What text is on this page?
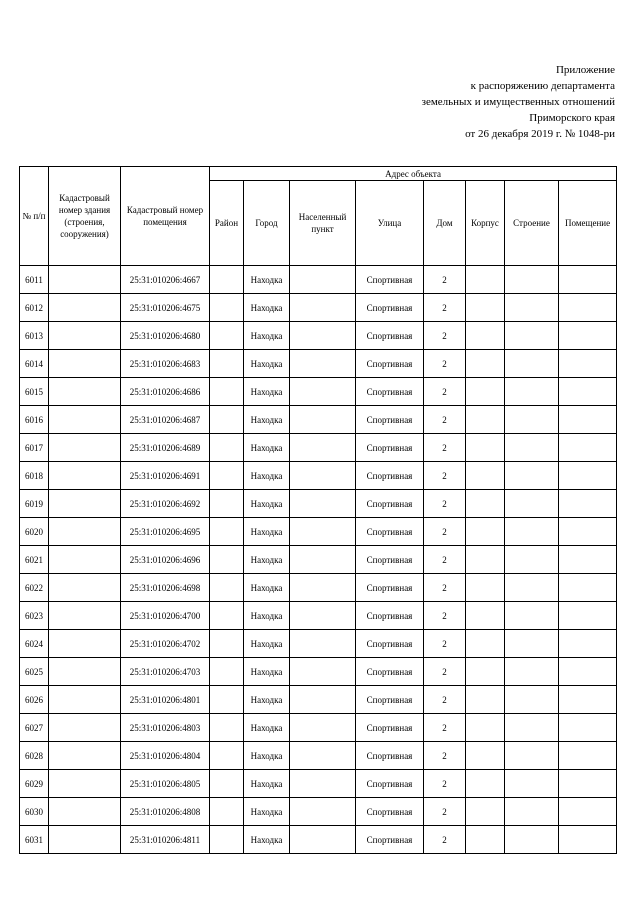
Приложение
к распоряжению департамента
земельных и имущественных отношений
Приморского края
от 26 декабря 2019 г. № 1048-ри
№ п/п	Кадастровый номер здания (строения, сооружения)	Кадастровый номер помещения	Адрес объекта							
			Район	Город	Населенный пункт	Улица	Дом	Корпус	Строение	Помещение
6011		25:31:010206:4667		Находка		Спортивная	2			
6012		25:31:010206:4675		Находка		Спортивная	2			
6013		25:31:010206:4680		Находка		Спортивная	2			
6014		25:31:010206:4683		Находка		Спортивная	2			
6015		25:31:010206:4686		Находка		Спортивная	2			
6016		25:31:010206:4687		Находка		Спортивная	2			
6017		25:31:010206:4689		Находка		Спортивная	2			
6018		25:31:010206:4691		Находка		Спортивная	2			
6019		25:31:010206:4692		Находка		Спортивная	2			
6020		25:31:010206:4695		Находка		Спортивная	2			
6021		25:31:010206:4696		Находка		Спортивная	2			
6022		25:31:010206:4698		Находка		Спортивная	2			
6023		25:31:010206:4700		Находка		Спортивная	2			
6024		25:31:010206:4702		Находка		Спортивная	2			
6025		25:31:010206:4703		Находка		Спортивная	2			
6026		25:31:010206:4801		Находка		Спортивная	2			
6027		25:31:010206:4803		Находка		Спортивная	2			
6028		25:31:010206:4804		Находка		Спортивная	2			
6029		25:31:010206:4805		Находка		Спортивная	2			
6030		25:31:010206:4808		Находка		Спортивная	2			
6031		25:31:010206:4811		Находка		Спортивная	2			
